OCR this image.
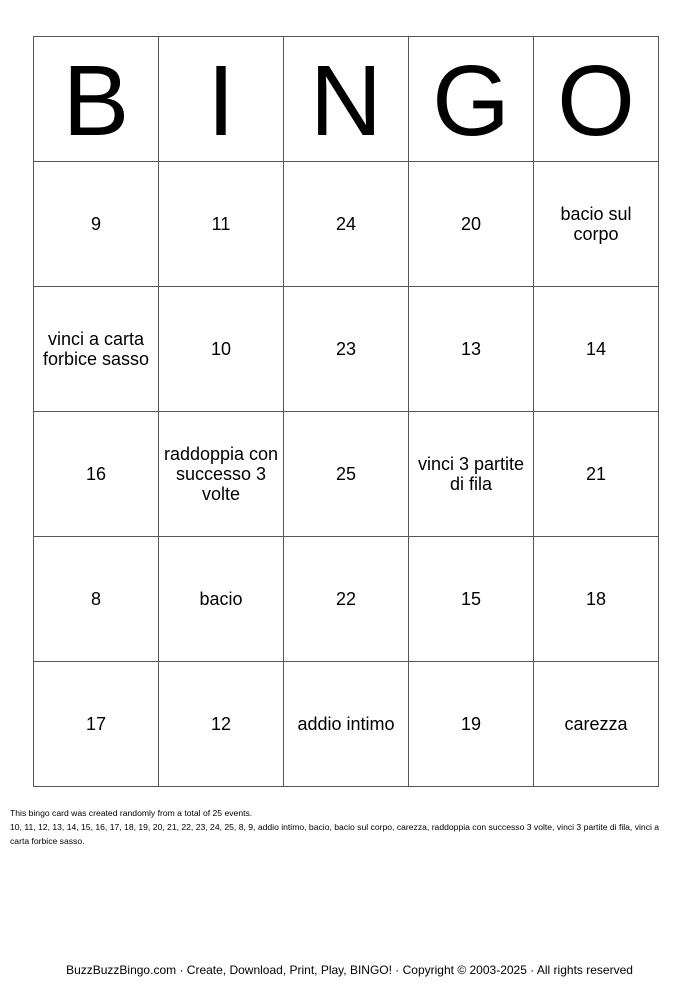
B	I	N	G	O
9	11	24	20	bacio sul corpo
vinci a carta forbice sasso	10	23	13	14
16	raddoppia con successo 3 volte	25	vinci 3 partite di fila	21
8	bacio	22	15	18
17	12	addio intimo	19	carezza
This bingo card was created randomly from a total of 25 events.
10, 11, 12, 13, 14, 15, 16, 17, 18, 19, 20, 21, 22, 23, 24, 25, 8, 9, addio intimo, bacio, bacio sul corpo, carezza, raddoppia con successo 3 volte, vinci 3 partite di fila, vinci a carta forbice sasso.
BuzzBuzzBingo.com · Create, Download, Print, Play, BINGO! · Copyright © 2003-2025 · All rights reserved
